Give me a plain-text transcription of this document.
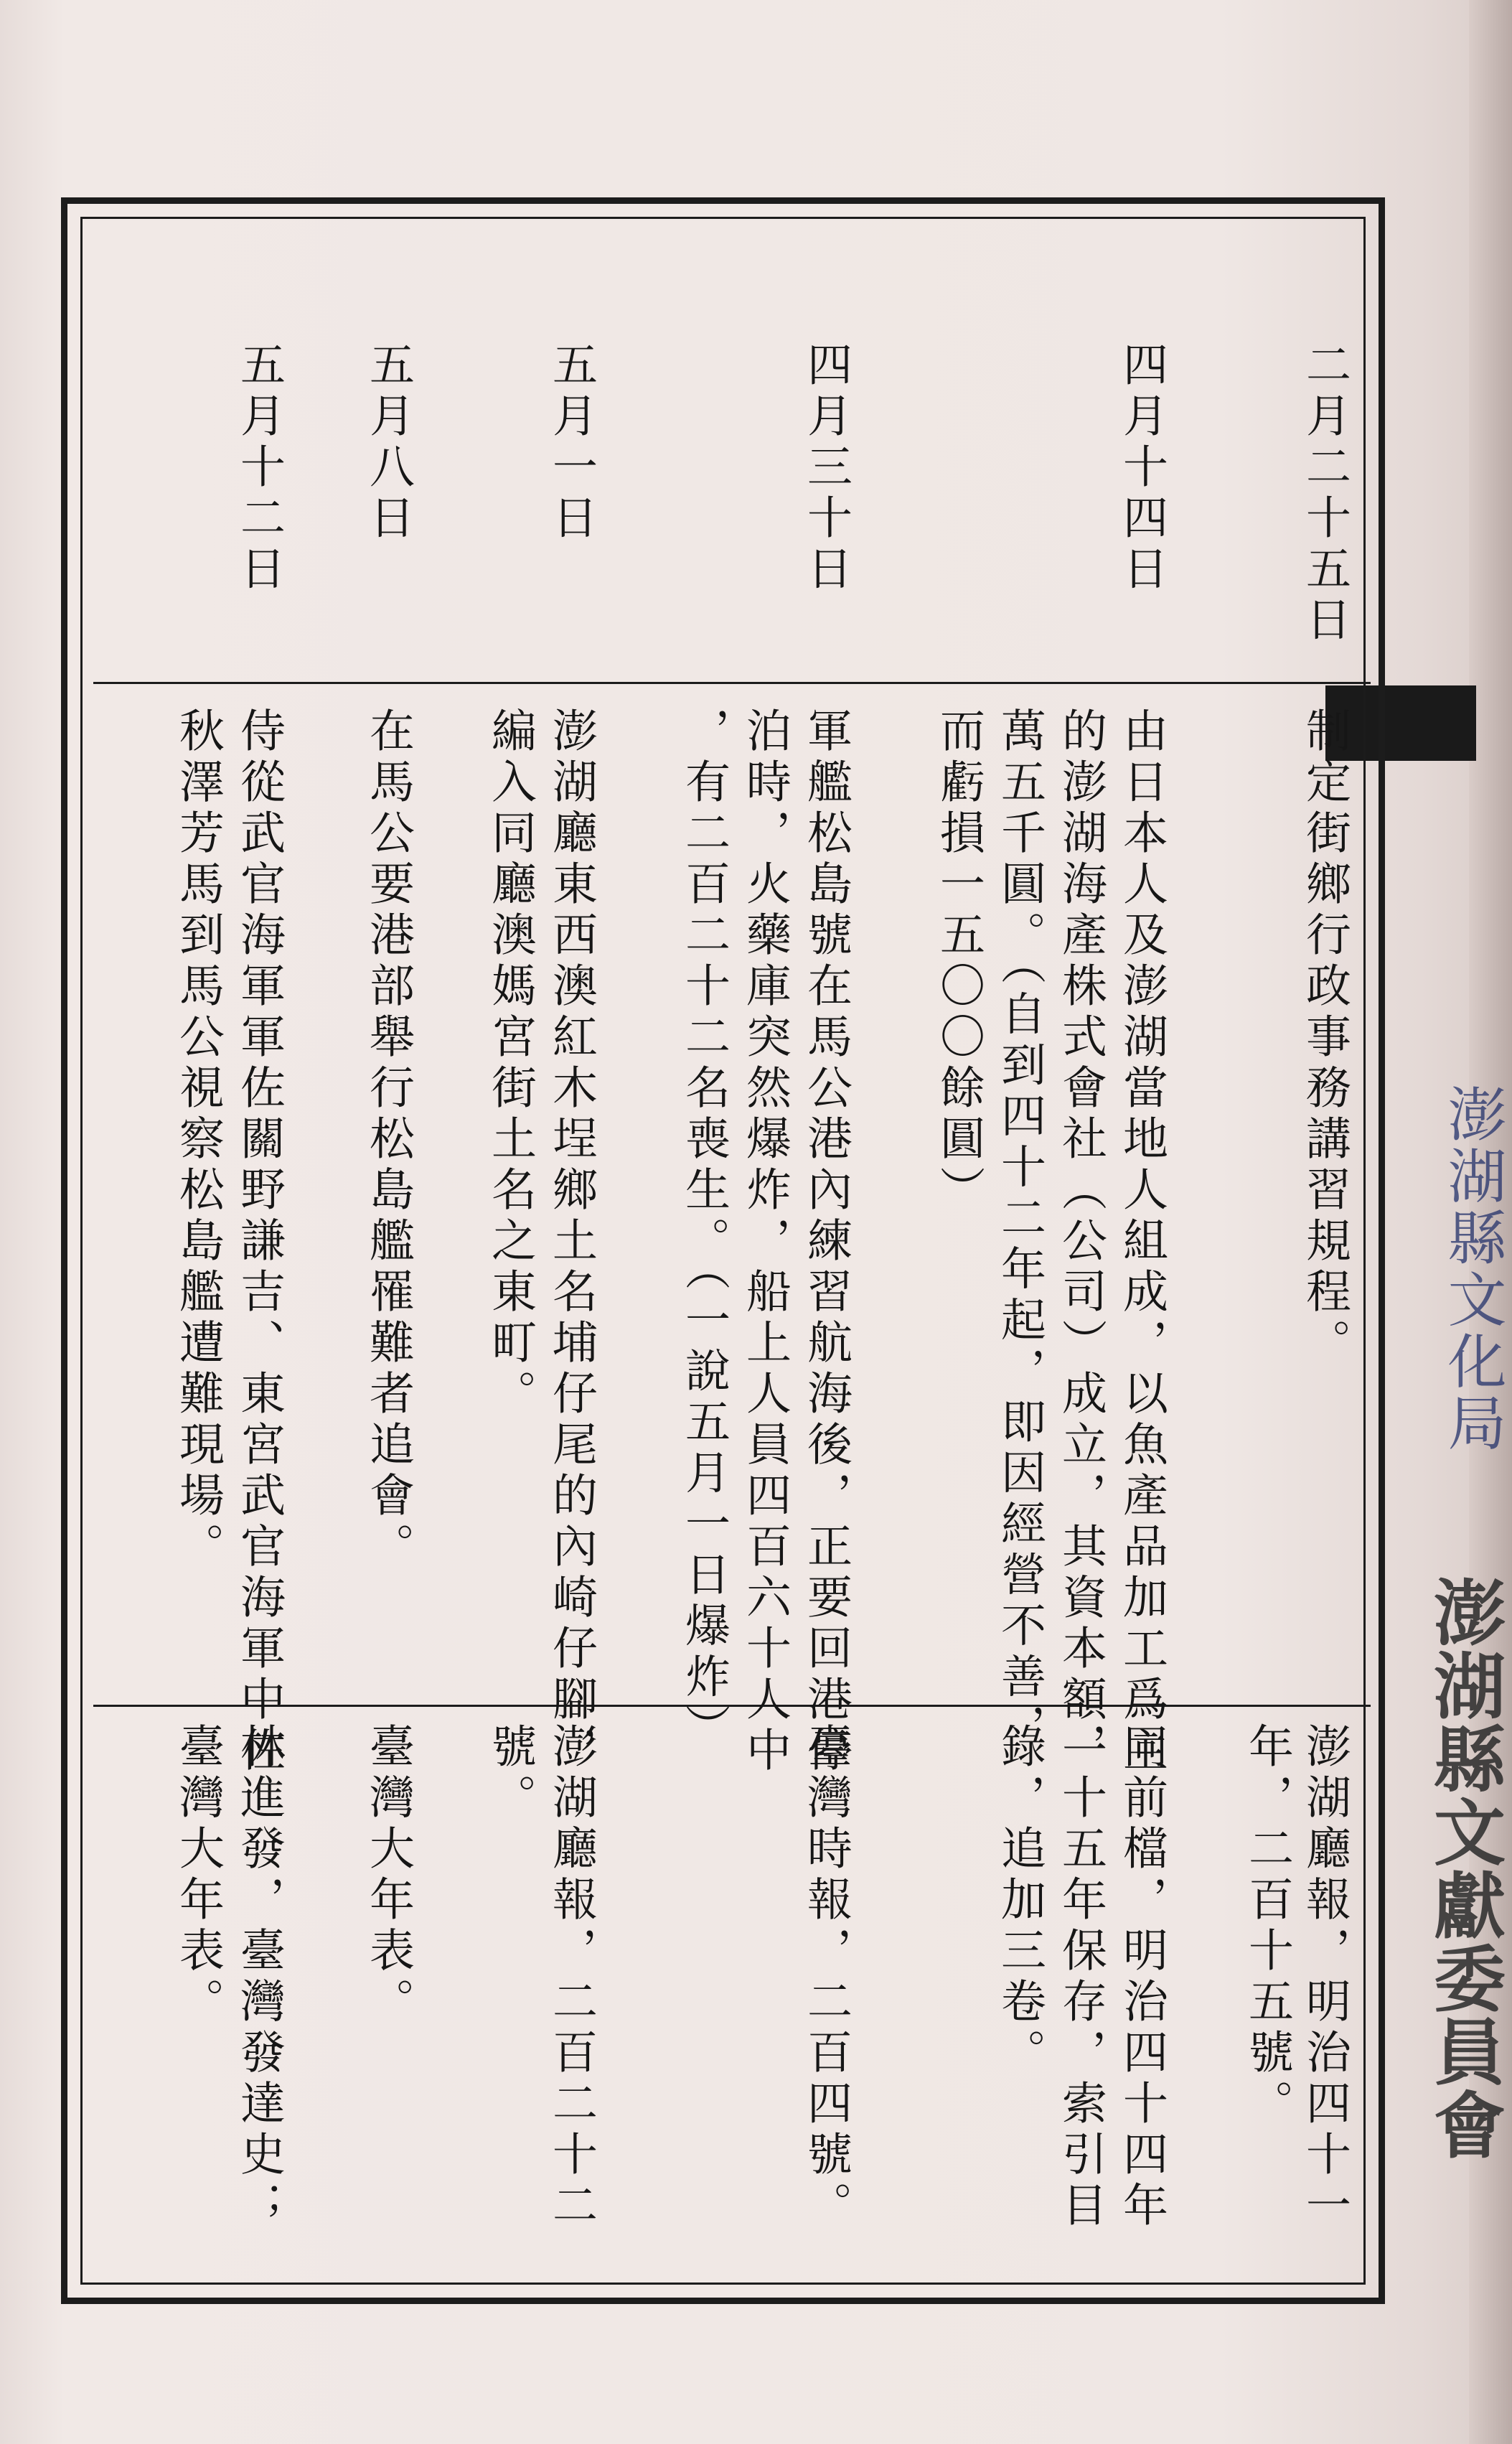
二月二十五日
制定街鄉行政事務講習規程。
澎湖廳報，明治四十一
年，二百十五號。
四月十四日
由日本人及澎湖當地人組成，以魚產品加工爲主
的澎湖海產株式會社（公司）成立，其資本額一
萬五千圓。（自到四十二年起，即因經營不善，
而虧損一五〇〇餘圓）
同前檔，明治四十四年
，十五年保存，索引目
錄，追加三卷。
四月三十日
軍艦松島號在馬公港內練習航海後，正要回港停
泊時，火藥庫突然爆炸，船上人員四百六十人中
，有二百二十二名喪生。（一說五月一日爆炸）
臺灣時報，二百四號。
五月一日
澎湖廳東西澳紅木埕鄉土名埔仔尾的內崎仔腳，
編入同廳澳媽宮街土名之東町。
澎湖廳報，二百二十二
號。
五月八日
在馬公要港部舉行松島艦罹難者追會。
臺灣大年表。
五月十二日
侍從武官海軍軍佐關野謙吉、東宮武官海軍中佐
秋澤芳馬到馬公視察松島艦遭難現場。
林進發，臺灣發達史；
臺灣大年表。
澎湖縣文化局
澎湖縣文獻委員會
